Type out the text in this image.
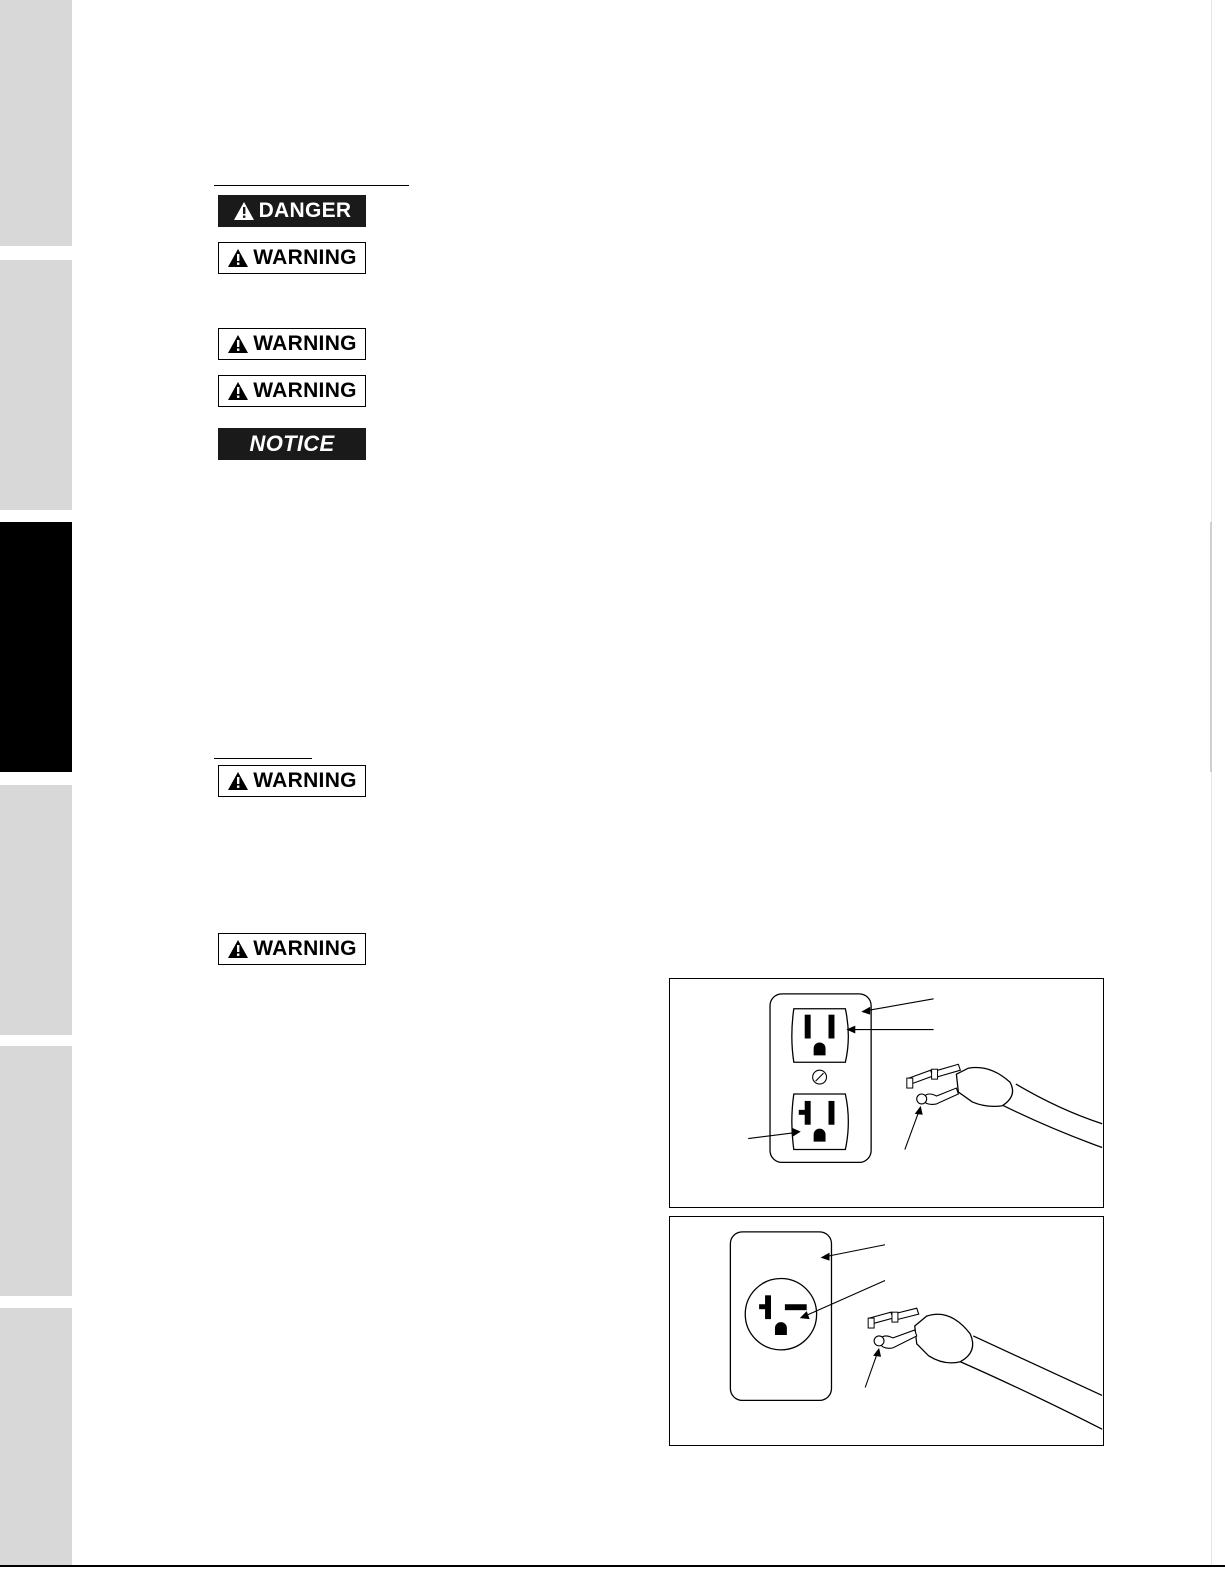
DANGER
WARNING
WARNING
WARNING
NOTICE
WARNING
WARNING
